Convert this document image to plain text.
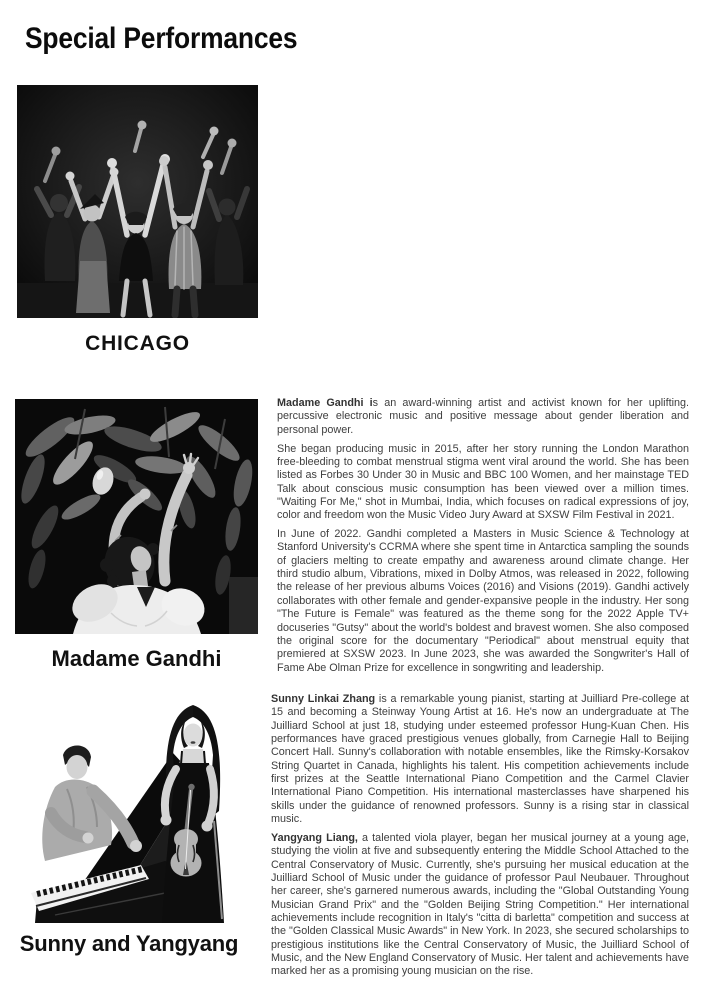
Special Performances
CHICAGO
Madame Gandhi

Madame Gandhi is an award-winning artist and activist known for her uplifting. percussive electronic music and positive message about gender liberation and personal power.

She began producing music in 2015, after her story running the London Marathon free-bleeding to combat menstrual stigma went viral around the world. She has been listed as Forbes 30 Under 30 in Music and BBC 100 Women, and her mainstage TED Talk about conscious music consumption has been viewed over a million times. "Waiting For Me," shot in Mumbai, India, which focuses on radical expressions of joy, color and freedom won the Music Video Jury Award at SXSW Film Festival in 2021.

In June of 2022. Gandhi completed a Masters in Music Science & Technology at Stanford University's CCRMA where she spent time in Antarctica sampling the sounds of glaciers melting to create empathy and awareness around climate change. Her third studio album, Vibrations, mixed in Dolby Atmos, was released in 2022, following the release of her previous albums Voices (2016) and Visions (2019). Gandhi actively collaborates with other female and gender-expansive people in the industry. Her song "The Future is Female" was featured as the theme song for the 2022 Apple TV+ docuseries "Gutsy" about the world's boldest and bravest women. She also composed the original score for the documentary "Periodical" about menstrual equity that premiered at SXSW 2023. In June 2023, she was awarded the Songwriter's Hall of Fame Abe Olman Prize for excellence in songwriting and leadership.

Sunny and Yangyang

Sunny Linkai Zhang is a remarkable young pianist, starting at Juilliard Pre-college at 15 and becoming a Steinway Young Artist at 16. He's now an undergraduate at The Juilliard School at just 18, studying under esteemed professor Hung-Kuan Chen. His performances have graced prestigious venues globally, from Carnegie Hall to Beijing Concert Hall. Sunny's collaboration with notable ensembles, like the Rimsky-Korsakov String Quartet in Canada, highlights his talent. His competition achievements include first prizes at the Seattle International Piano Competition and the Carmel Clavier International Piano Competition. His international masterclasses have sharpened his skills under the guidance of renowned professors. Sunny is a rising star in classical music.

Yangyang Liang, a talented viola player, began her musical journey at a young age, studying the violin at five and subsequently entering the Middle School Attached to the Central Conservatory of Music. Currently, she's pursuing her musical education at the Juilliard School of Music under the guidance of professor Paul Neubauer. Throughout her career, she's garnered numerous awards, including the "Global Outstanding Young Musician Grand Prix" and the "Golden Beijing String Competition." Her international achievements include recognition in Italy's "citta di barletta" competition and success at the "Golden Classical Music Awards" in New York. In 2023, she secured scholarships to prestigious institutions like the Central Conservatory of Music, the Juilliard School of Music, and the New England Conservatory of Music. Her talent and achievements have marked her as a promising young musician on the rise.
